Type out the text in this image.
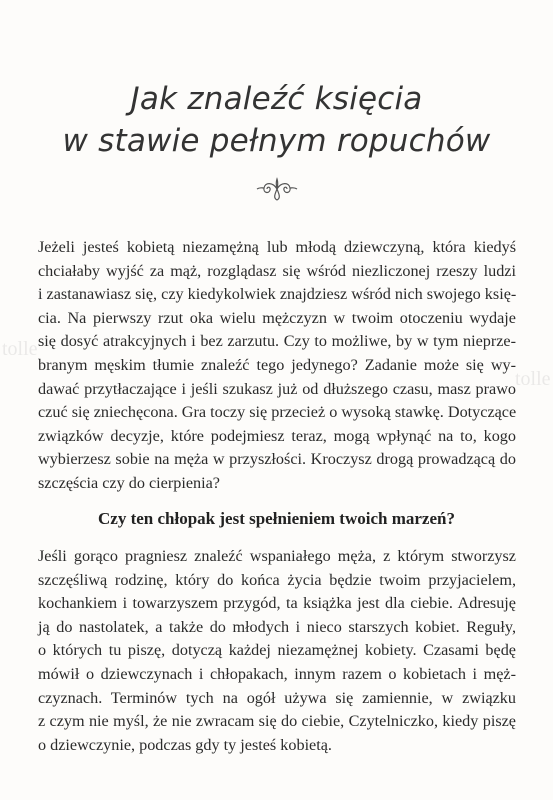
tolle
tolle
Jak znaleźć księcia
w stawie pełnym ropuchów
Jeżeli jesteś kobietą niezamężną lub młodą dziewczyną, która kiedyś
chciałaby wyjść za mąż, rozglądasz się wśród niezliczonej rzeszy ludzi
i zastanawiasz się, czy kiedykolwiek znajdziesz wśród nich swojego księ-
cia. Na pierwszy rzut oka wielu mężczyzn w twoim otoczeniu wydaje
się dosyć atrakcyjnych i bez zarzutu. Czy to możliwe, by w tym nieprze-
branym męskim tłumie znaleźć tego jedynego? Zadanie może się wy-
dawać przytłaczające i jeśli szukasz już od dłuższego czasu, masz prawo
czuć się zniechęcona. Gra toczy się przecież o wysoką stawkę. Dotyczące
związków decyzje, które podejmiesz teraz, mogą wpłynąć na to, kogo
wybierzesz sobie na męża w przyszłości. Kroczysz drogą prowadzącą do
szczęścia czy do cierpienia?
Czy ten chłopak jest spełnieniem twoich marzeń?
Jeśli gorąco pragniesz znaleźć wspaniałego męża, z którym stworzysz
szczęśliwą rodzinę, który do końca życia będzie twoim przyjacielem,
kochankiem i towarzyszem przygód, ta książka jest dla ciebie. Adresuję
ją do nastolatek, a także do młodych i nieco starszych kobiet. Reguły,
o których tu piszę, dotyczą każdej niezamężnej kobiety. Czasami będę
mówił o dziewczynach i chłopakach, innym razem o kobietach i męż-
czyznach. Terminów tych na ogół używa się zamiennie, w związku
z czym nie myśl, że nie zwracam się do ciebie, Czytelniczko, kiedy piszę
o dziewczynie, podczas gdy ty jesteś kobietą.
